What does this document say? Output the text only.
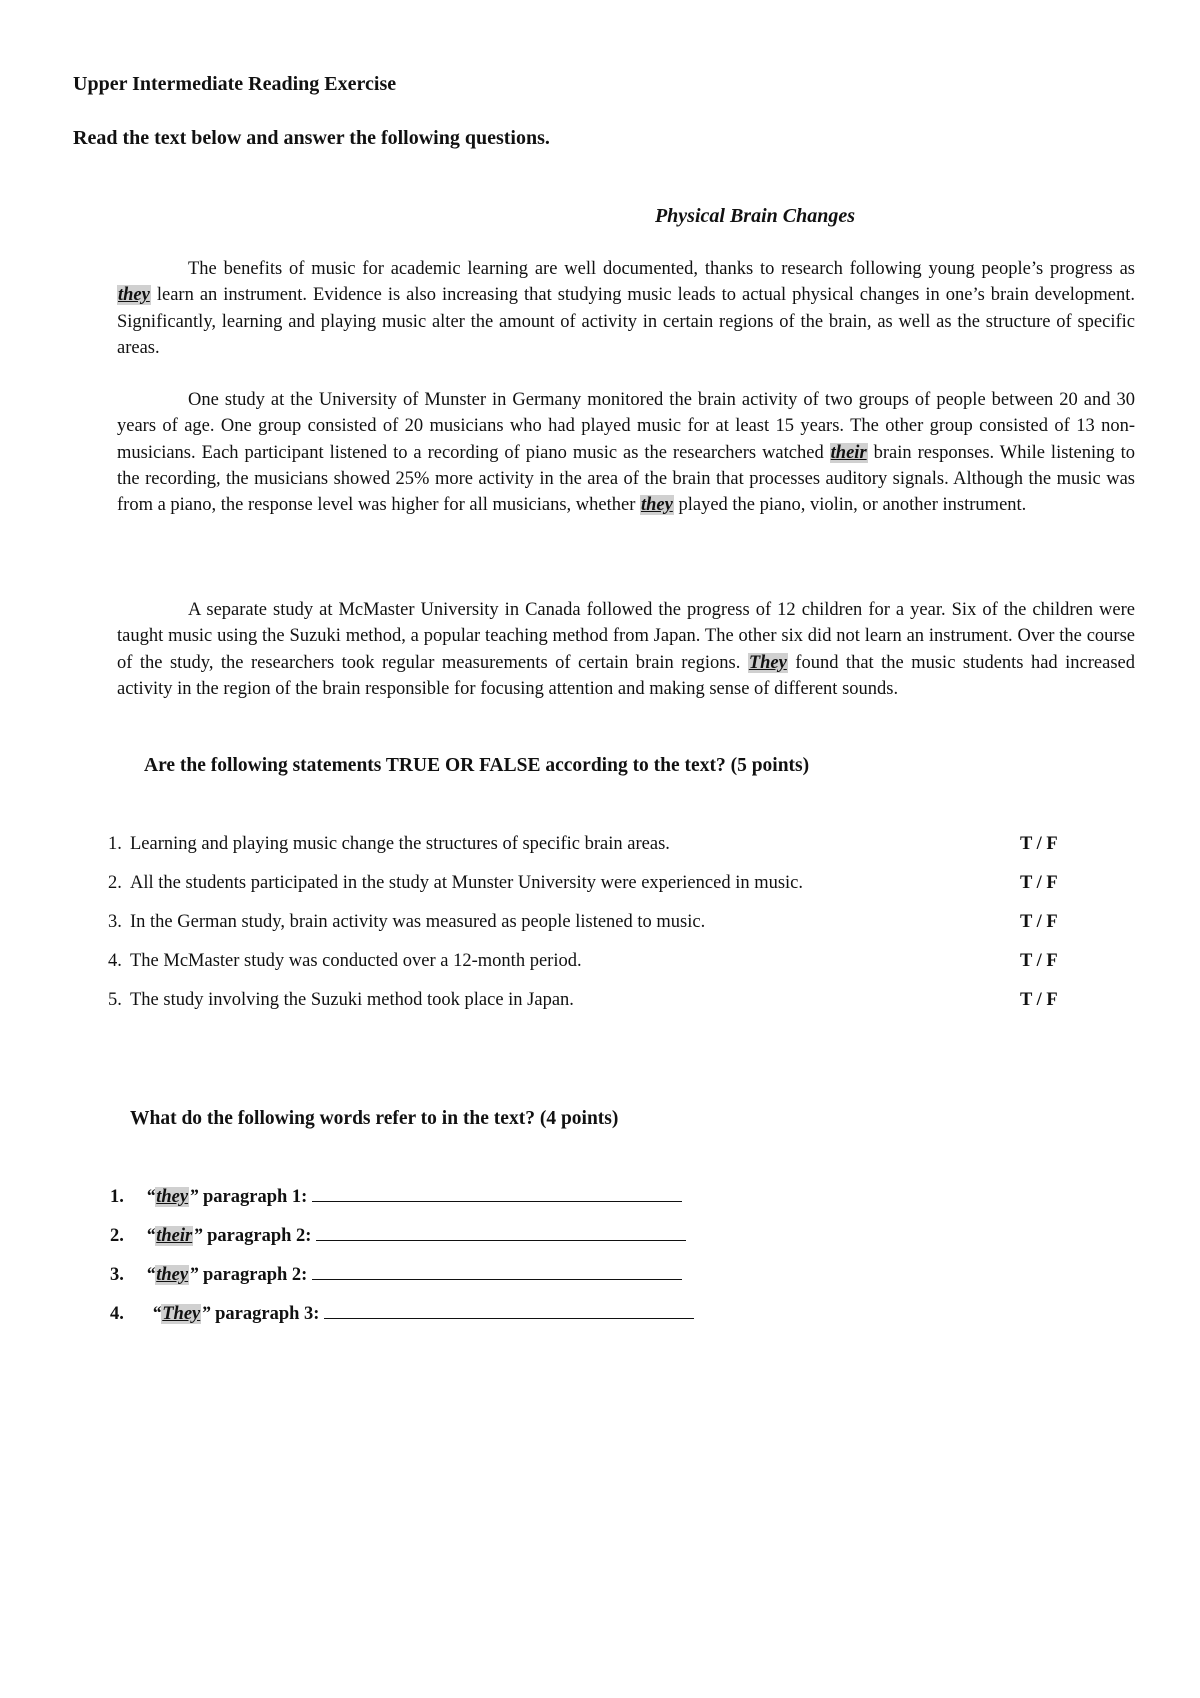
Upper Intermediate Reading Exercise
Read the text below and answer the following questions.
Physical Brain Changes
The benefits of music for academic learning are well documented, thanks to research following young people’s progress as they learn an instrument. Evidence is also increasing that studying music leads to actual physical changes in one’s brain development. Significantly, learning and playing music alter the amount of activity in certain regions of the brain, as well as the structure of specific areas.
One study at the University of Munster in Germany monitored the brain activity of two groups of people between 20 and 30 years of age. One group consisted of 20 musicians who had played music for at least 15 years. The other group consisted of 13 non-musicians. Each participant listened to a recording of piano music as the researchers watched their brain responses. While listening to the recording, the musicians showed 25% more activity in the area of the brain that processes auditory signals. Although the music was from a piano, the response level was higher for all musicians, whether they played the piano, violin, or another instrument.
A separate study at McMaster University in Canada followed the progress of 12 children for a year. Six of the children were taught music using the Suzuki method, a popular teaching method from Japan. The other six did not learn an instrument. Over the course of the study, the researchers took regular measurements of certain brain regions. They found that the music students had increased activity in the region of the brain responsible for focusing attention and making sense of different sounds.
Are the following statements TRUE OR FALSE according to the text? (5 points)
1. Learning and playing music change the structures of specific brain areas.	T / F
2. All the students participated in the study at Munster University were experienced in music.	T / F
3. In the German study, brain activity was measured as people listened to music.	T / F
4. The McMaster study was conducted over a 12-month period.	T / F
5. The study involving the Suzuki method took place in Japan.	T / F
What do the following words refer to in the text? (4 points)
1. “they” paragraph 1:
2. “their” paragraph 2:
3. “they” paragraph 2:
4. “They” paragraph 3:
